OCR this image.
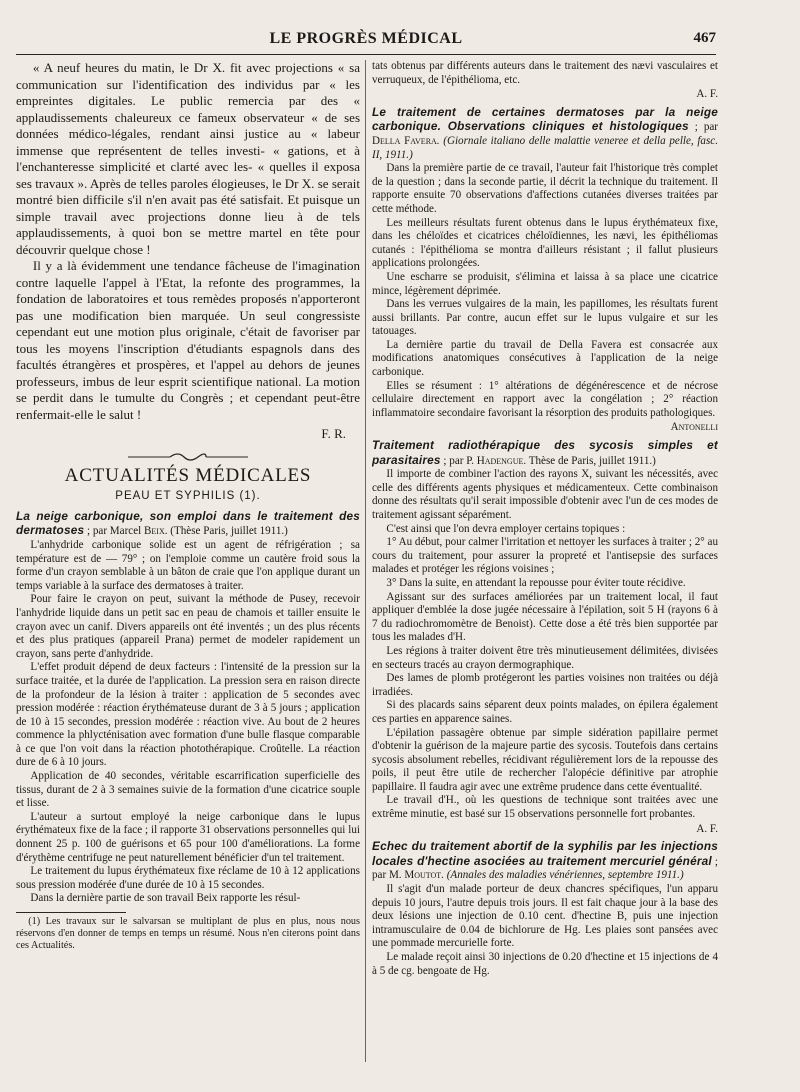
LE PROGRÈS MÉDICAL	467

« A neuf heures du matin, le Dr X. fit avec projections « sa communication sur l'identification des individus par « les empreintes digitales. Le public remercia par des « applaudissements chaleureux ce fameux observateur « de ses données médico-légales, rendant ainsi justice au « labeur immense que représentent de telles investi- « gations, et à l'enchanteresse simplicité et clarté avec les- « quelles il exposa ses travaux ». Après de telles paroles élogieuses, le Dr X. se serait montré bien difficile s'il n'en avait pas été satisfait. Et puisque un simple travail avec projections donne lieu à de tels applaudissements, à quoi bon se mettre martel en tête pour découvrir quelque chose !

Il y a là évidemment une tendance fâcheuse de l'imagination contre laquelle l'appel à l'Etat, la refonte des programmes, la fondation de laboratoires et tous remèdes proposés n'apporteront pas une modification bien marquée. Un seul congressiste cependant eut une motion plus originale, c'était de favoriser par tous les moyens l'inscription d'étudiants espagnols dans des facultés étrangères et prospères, et l'appel au dehors de jeunes professeurs, imbus de leur esprit scientifique national. La motion se perdit dans le tumulte du Congrès ; et cependant peut-être renfermait-elle le salut !

F. R.

ACTUALITÉS MÉDICALES
PEAU ET SYPHILIS (1).

La neige carbonique, son emploi dans le traitement des dermatoses ; par Marcel Beix. (Thèse Paris, juillet 1911.)

L'anhydride carbonique solide est un agent de réfrigération ; sa température est de — 79° ; on l'emploie comme un cautère froid sous la forme d'un crayon semblable à un bâton de craie que l'on applique durant un temps variable à la surface des dermatoses à traiter.

Pour faire le crayon on peut, suivant la méthode de Pusey, recevoir l'anhydride liquide dans un petit sac en peau de chamois et tailler ensuite le crayon avec un canif. Divers appareils ont été inventés ; un des plus récents et des plus pratiques (appareil Prana) permet de modeler rapidement un crayon, sans perte d'anhydride.

L'effet produit dépend de deux facteurs : l'intensité de la pression sur la surface traitée, et la durée de l'application. La pression sera en raison directe de la profondeur de la lésion à traiter : application de 5 secondes avec pression modérée : réaction érythémateuse durant de 3 à 5 jours ; application de 10 à 15 secondes, pression modérée : réaction vive. Au bout de 2 heures commence la phlycténisation avec formation d'une bulle flasque comparable à ce que l'on voit dans la réaction photothérapique. Croûtelle. La réaction dure de 6 à 10 jours.

Application de 40 secondes, véritable escarrification superficielle des tissus, durant de 2 à 3 semaines suivie de la formation d'une cicatrice souple et lisse.

L'auteur a surtout employé la neige carbonique dans le lupus érythémateux fixe de la face ; il rapporte 31 observations personnelles qui lui donnent 25 p. 100 de guérisons et 65 pour 100 d'améliorations. La forme d'érythème centrifuge ne peut naturellement bénéficier d'un tel traitement.

Le traitement du lupus érythémateux fixe réclame de 10 à 12 applications sous pression modérée d'une durée de 10 à 15 secondes.

Dans la dernière partie de son travail Beix rapporte les résul-

(1) Les travaux sur le salvarsan se multiplant de plus en plus, nous nous réservons d'en donner de temps en temps un résumé. Nous n'en citerons point dans ces Actualités.

tats obtenus par différents auteurs dans le traitement des nævi vasculaires et verruqueux, de l'épithélioma, etc.

A. F.

Le traitement de certaines dermatoses par la neige carbonique. Observations cliniques et histologiques ; par Della Favera. (Giornale italiano delle malattie veneree et della pelle, fasc. II, 1911.)

Dans la première partie de ce travail, l'auteur fait l'historique très complet de la question ; dans la seconde partie, il décrit la technique du traitement. Il rapporte ensuite 70 observations d'affections cutanées diverses traitées par cette méthode.

Les meilleurs résultats furent obtenus dans le lupus érythémateux fixe, dans les chéloïdes et cicatrices chéloïdiennes, les nævi, les épithéliomas cutanés : l'épithélioma se montra d'ailleurs résistant ; il fallut plusieurs applications prolongées.

Une escharre se produisit, s'élimina et laissa à sa place une cicatrice mince, légèrement déprimée.

Dans les verrues vulgaires de la main, les papillomes, les résultats furent aussi brillants. Par contre, aucun effet sur le lupus vulgaire et sur les tatouages.

La dernière partie du travail de Della Favera est consacrée aux modifications anatomiques consécutives à l'application de la neige carbonique.

Elles se résument : 1° altérations de dégénérescence et de nécrose cellulaire directement en rapport avec la congélation ; 2° réaction inflammatoire secondaire favorisant la résorption des produits pathologiques.

Antonelli

Traitement radiothérapique des sycosis simples et parasitaires ; par P. Hadengue. Thèse de Paris, juillet 1911.)

Il importe de combiner l'action des rayons X, suivant les nécessités, avec celle des différents agents physiques et médicamenteux. Cette combinaison donne des résultats qu'il serait impossible d'obtenir avec l'un de ces modes de traitement agissant séparément.

C'est ainsi que l'on devra employer certains topiques :

1° Au début, pour calmer l'irritation et nettoyer les surfaces à traiter ; 2° au cours du traitement, pour assurer la propreté et l'antisepsie des surfaces malades et protéger les régions voisines ;

3° Dans la suite, en attendant la repousse pour éviter toute récidive.

Agissant sur des surfaces améliorées par un traitement local, il faut appliquer d'emblée la dose jugée nécessaire à l'épilation, soit 5 H (rayons 6 à 7 du radiochromomètre de Benoist). Cette dose a été très bien supportée par tous les malades d'H.

Les régions à traiter doivent être très minutieusement délimitées, divisées en secteurs tracés au crayon dermographique.

Des lames de plomb protégeront les parties voisines non traitées ou déjà irradiées.

Si des placards sains séparent deux points malades, on épilera également ces parties en apparence saines.

L'épilation passagère obtenue par simple sidération papillaire permet d'obtenir la guérison de la majeure partie des sycosis. Toutefois dans certains sycosis absolument rebelles, récidivant régulièrement lors de la repousse des poils, il peut être utile de rechercher l'alopécie définitive par atrophie papillaire. Il faudra agir avec une extrême prudence dans cette éventualité.

Le travail d'H., où les questions de technique sont traitées avec une extrême minutie, est basé sur 15 observations personnelle fort probantes.

A. F.

Echec du traitement abortif de la syphilis par les injections locales d'hectine asociées au traitement mercuriel général ; par M. Moutot. (Annales des maladies vénériennes, septembre 1911.)

Il s'agit d'un malade porteur de deux chancres spécifiques, l'un apparu depuis 10 jours, l'autre depuis trois jours. Il est fait chaque jour à la base des deux lésions une injection de 0.10 cent. d'hectine B, puis une injection intramusculaire de 0.04 de bichlorure de Hg. Les plaies sont pansées avec une pommade mercurielle forte.

Le malade reçoit ainsi 30 injections de 0.20 d'hectine et 15 injections de 4 à 5 de cg. bengoate de Hg.
